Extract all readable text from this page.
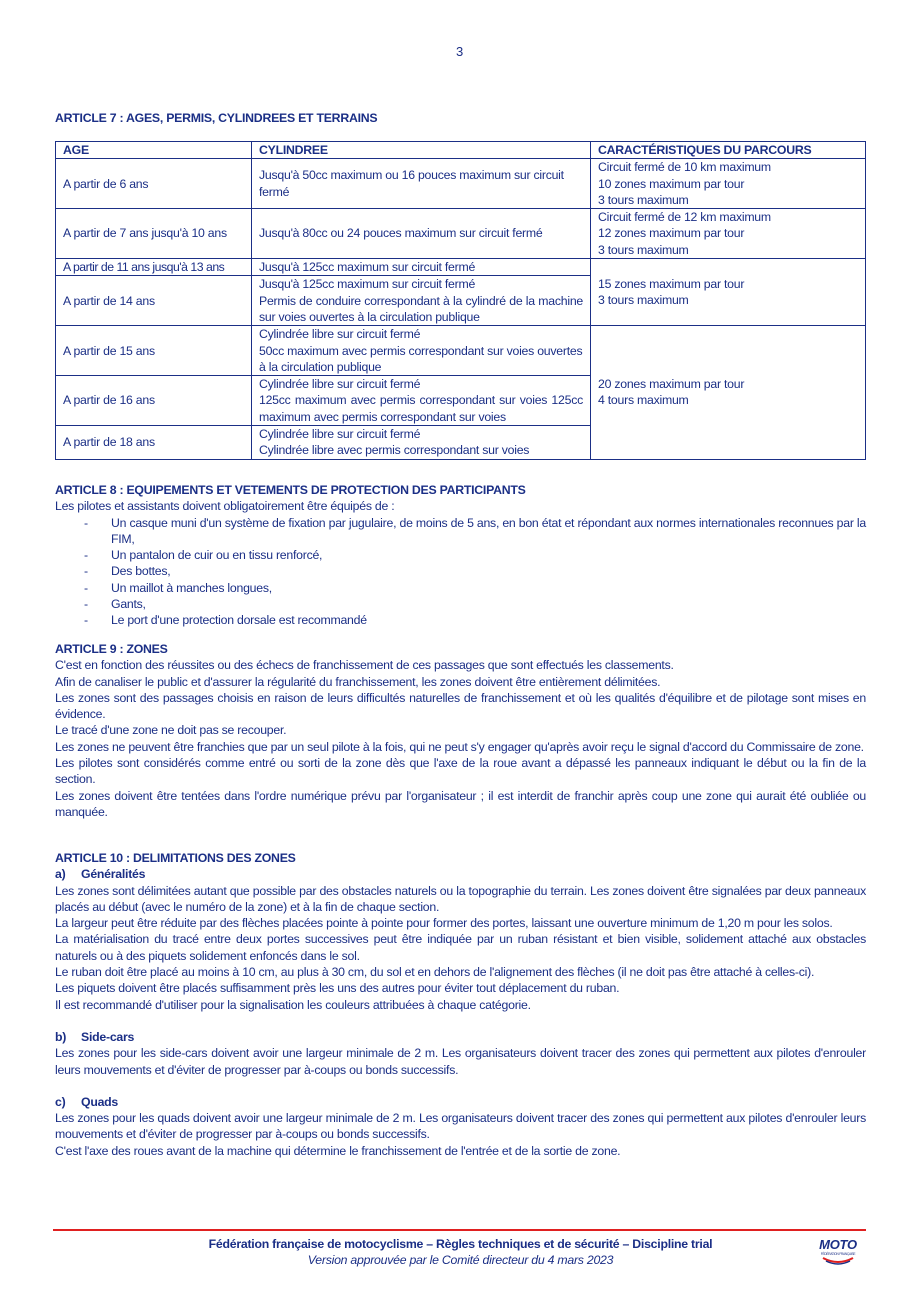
3
ARTICLE 7 : AGES, PERMIS, CYLINDREES ET TERRAINS
AGE	CYLINDREE	CARACTÉRISTIQUES DU PARCOURS
A partir de 6 ans	Jusqu'à 50cc maximum ou 16 pouces maximum sur circuit fermé	Circuit fermé de 10 km maximum
10 zones maximum par tour
3 tours maximum
A partir de 7 ans jusqu'à 10 ans	Jusqu'à 80cc ou 24 pouces maximum sur circuit fermé	Circuit fermé de 12 km maximum
12 zones maximum par tour
3 tours maximum
A partir de 11 ans jusqu'à 13 ans	Jusqu'à 125cc maximum sur circuit fermé	15 zones maximum par tour
3 tours maximum
A partir de 14 ans	Jusqu'à 125cc maximum sur circuit fermé
Permis de conduire correspondant à la cylindré de la machine sur voies ouvertes à la circulation publique	
A partir de 15 ans	Cylindrée libre sur circuit fermé
50cc maximum avec permis correspondant sur voies ouvertes à la circulation publique	20 zones maximum par tour
4 tours maximum
A partir de 16 ans	Cylindrée libre sur circuit fermé
125cc maximum avec permis correspondant sur voies 125cc maximum avec permis correspondant sur voies	
A partir de 18 ans	Cylindrée libre sur circuit fermé
Cylindrée libre avec permis correspondant sur voies	
ARTICLE 8 : EQUIPEMENTS ET VETEMENTS DE PROTECTION DES PARTICIPANTS

Les pilotes et assistants doivent obligatoirement être équipés de :

- Un casque muni d'un système de fixation par jugulaire, de moins de 5 ans, en bon état et répondant aux normes internationales reconnues par la FIM,
- Un pantalon de cuir ou en tissu renforcé,
- Des bottes,
- Un maillot à manches longues,
- Gants,
- Le port d'une protection dorsale est recommandé
ARTICLE 9 : ZONES

C'est en fonction des réussites ou des échecs de franchissement de ces passages que sont effectués les classements.

Afin de canaliser le public et d'assurer la régularité du franchissement, les zones doivent être entièrement délimitées.

Les zones sont des passages choisis en raison de leurs difficultés naturelles de franchissement et où les qualités d'équilibre et de pilotage sont mises en évidence.

Le tracé d'une zone ne doit pas se recouper.

Les zones ne peuvent être franchies que par un seul pilote à la fois, qui ne peut s'y engager qu'après avoir reçu le signal d'accord du Commissaire de zone.

Les pilotes sont considérés comme entré ou sorti de la zone dès que l'axe de la roue avant a dépassé les panneaux indiquant le début ou la fin de la section.

Les zones doivent être tentées dans l'ordre numérique prévu par l'organisateur ; il est interdit de franchir après coup une zone qui aurait été oubliée ou manquée.

ARTICLE 10 : DELIMITATIONS DES ZONES
a) Généralités

Les zones sont délimitées autant que possible par des obstacles naturels ou la topographie du terrain. Les zones doivent être signalées par deux panneaux placés au début (avec le numéro de la zone) et à la fin de chaque section.

La largeur peut être réduite par des flèches placées pointe à pointe pour former des portes, laissant une ouverture minimum de 1,20 m pour les solos.

La matérialisation du tracé entre deux portes successives peut être indiquée par un ruban résistant et bien visible, solidement attaché aux obstacles naturels ou à des piquets solidement enfoncés dans le sol.

Le ruban doit être placé au moins à 10 cm, au plus à 30 cm, du sol et en dehors de l'alignement des flèches (il ne doit pas être attaché à celles-ci).

Les piquets doivent être placés suffisamment près les uns des autres pour éviter tout déplacement du ruban.

Il est recommandé d'utiliser pour la signalisation les couleurs attribuées à chaque catégorie.

b) Side-cars

Les zones pour les side-cars doivent avoir une largeur minimale de 2 m. Les organisateurs doivent tracer des zones qui permettent aux pilotes d'enrouler leurs mouvements et d'éviter de progresser par à-coups ou bonds successifs.

c) Quads

Les zones pour les quads doivent avoir une largeur minimale de 2 m. Les organisateurs doivent tracer des zones qui permettent aux pilotes d'enrouler leurs mouvements et d'éviter de progresser par à-coups ou bonds successifs.

C'est l'axe des roues avant de la machine qui détermine le franchissement de l'entrée et de la sortie de zone.

Fédération française de motocyclisme – Règles techniques et de sécurité – Discipline trial
Version approuvée par le Comité directeur du 4 mars 2023
MOTO
FÉDÉRATION FRANÇAISE
